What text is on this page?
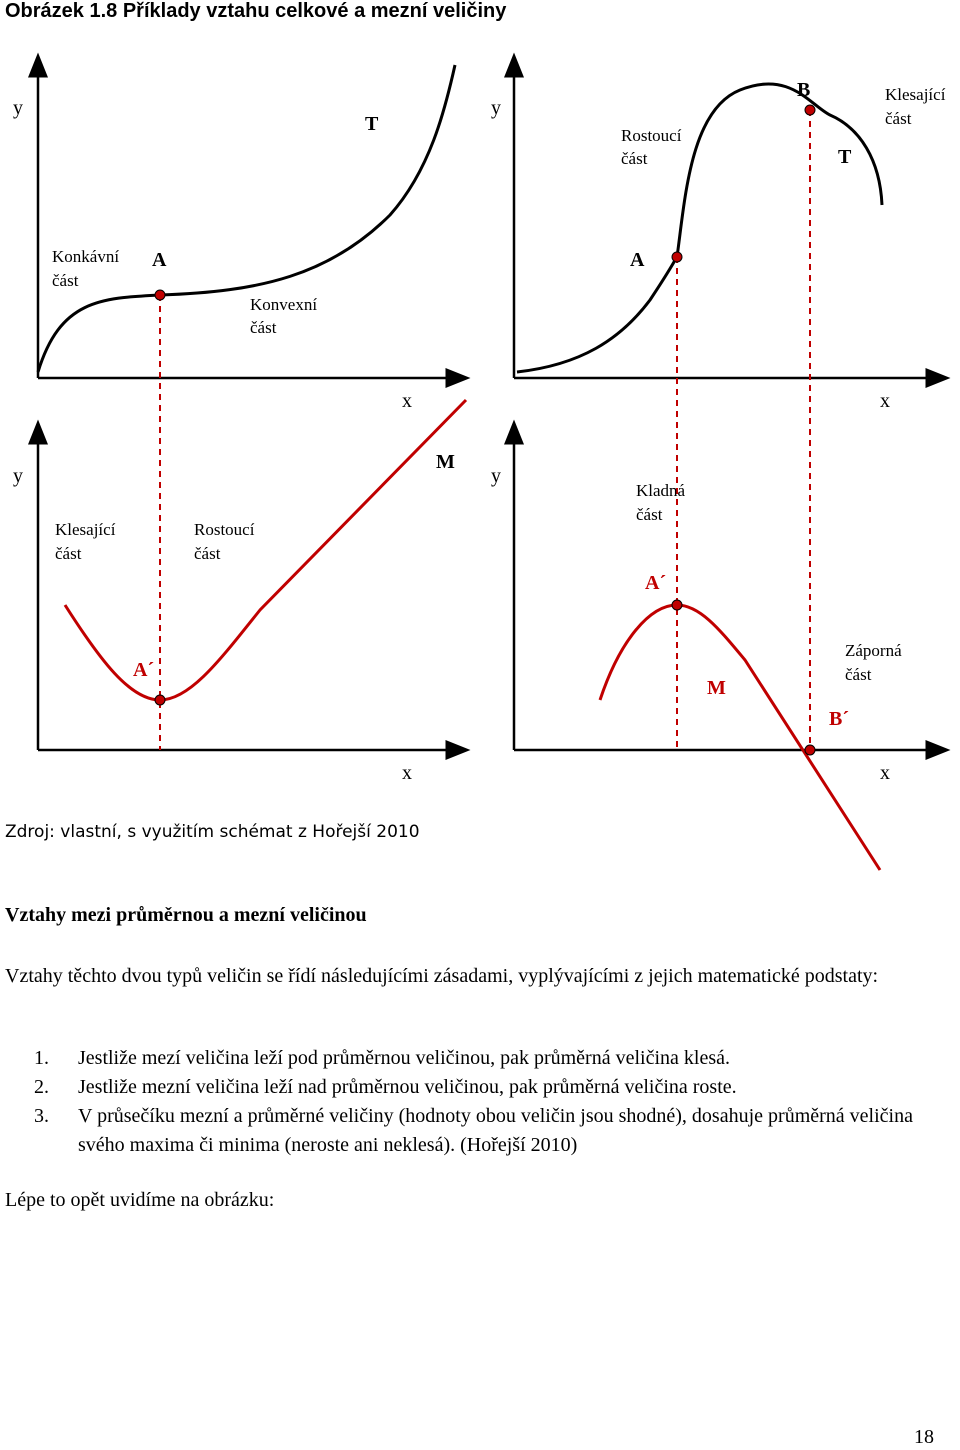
Obrázek 1.8 Příklady vztahu celkové a mezní veličiny
y
T
Konkávní
část
A
Konvexní
část
x
y
B	Klesající
část
Rostoucí
část	T
A
x
y
M
Klesající
část
Rostoucí
část
A´
x
y
Kladná
část
A´
Záporná
část
M
B´
x
Zdroj: vlastní, s využitím schémat z Hořejší 2010
Vztahy mezi průměrnou a mezní veličinou
Vztahy těchto dvou typů veličin se řídí následujícími zásadami, vyplývajícími z jejich matematické podstaty:
1.	Jestliže mezí veličina leží pod průměrnou veličinou, pak průměrná veličina klesá.
2.	Jestliže mezní veličina leží nad průměrnou veličinou, pak průměrná veličina roste.
3.	V průsečíku mezní a průměrné veličiny (hodnoty obou veličin jsou shodné), dosahuje průměrná veličina svého maxima či minima (neroste ani neklesá). (Hořejší 2010)
Lépe to opět uvidíme na obrázku:
18
